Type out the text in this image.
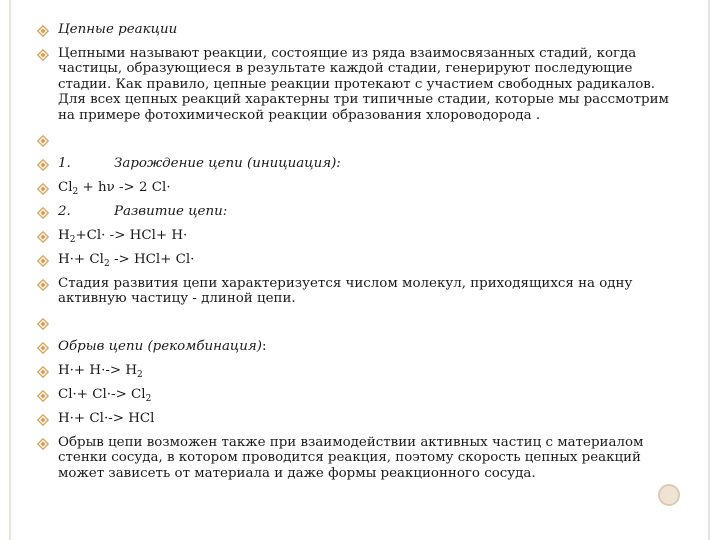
Цепные реакции
Цепными называют реакции, состоящие из ряда взаимосвязанных стадий, когда частицы, образующиеся в результате каждой стадии, генерируют последующие стадии. Как правило, цепные реакции протекают с участием свободных радикалов. Для всех цепных реакций характерны три типичные стадии, которые мы рассмотрим на примере фотохимической реакции образования хлороводорода .
1.	Зарождение цепи (инициация):
$Cl_2 + h\nu -> 2$ Cl·
2.	Развитие цепи:
$H_2+Cl\cdot -> HCl+ H\cdot$
$H\cdot+ Cl_2 -> HCl+ Cl\cdot$
Стадия развития цепи характеризуется числом молекул, приходящихся на одну активную частицу - длиной цепи.
Обрыв цепи (рекомбинация):
$H\cdot+ H\cdot-> H_2$
$Cl\cdot+ Cl\cdot-> Cl_2$
H·+ Cl·-> HCl
Обрыв цепи возможен также при взаимодействии активных частиц с материалом стенки сосуда, в котором проводится реакция, поэтому скорость цепных реакций может зависеть от материала и даже формы реакционного сосуда.
